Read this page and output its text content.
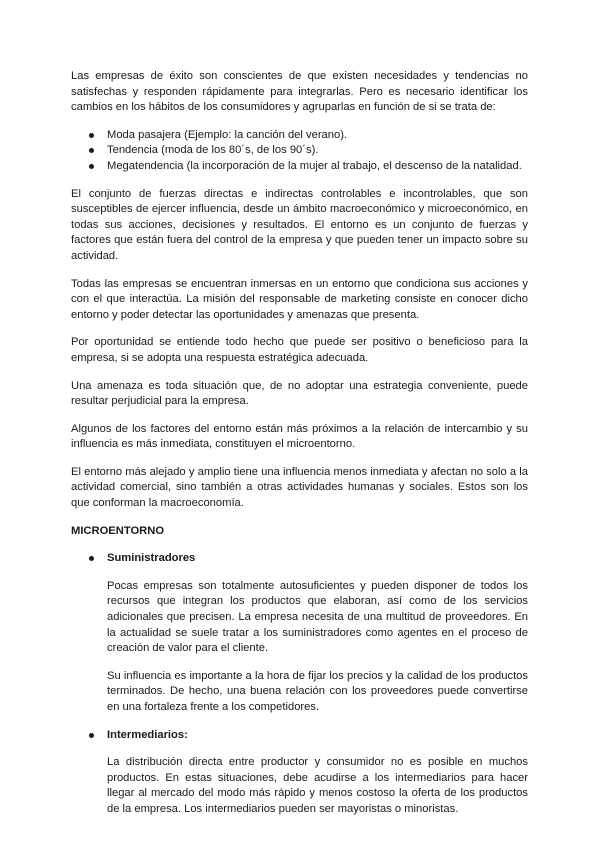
Las empresas de éxito son conscientes de que existen necesidades y tendencias no satisfechas y responden rápidamente para integrarlas. Pero es necesario identificar los cambios en los hábitos de los consumidores y agruparlas en función de si se trata de:

Moda pasajera (Ejemplo: la canción del verano).
Tendencia (moda de los 80´s, de los 90´s).
Megatendencia (la incorporación de la mujer al trabajo, el descenso de la natalidad.

El conjunto de fuerzas directas e indirectas controlables e incontrolables, que son susceptibles de ejercer influencia, desde un ámbito macroeconómico y microeconómico, en todas sus acciones, decisiones y resultados. El entorno es un conjunto de fuerzas y factores que están fuera del control de la empresa y que pueden tener un impacto sobre su actividad.

Todas las empresas se encuentran inmersas en un entorno que condiciona sus acciones y con el que interactúa. La misión del responsable de marketing consiste en conocer dicho entorno y poder detectar las oportunidades y amenazas que presenta.

Por oportunidad se entiende todo hecho que puede ser positivo o beneficioso para la empresa, si se adopta una respuesta estratégica adecuada.

Una amenaza es toda situación que, de no adoptar una estrategia conveniente, puede resultar perjudicial para la empresa.

Algunos de los factores del entorno están más próximos a la relación de intercambio y su influencia es más inmediata, constituyen el microentorno.

El entorno más alejado y amplio tiene una influencia menos inmediata y afectan no solo a la actividad comercial, sino también a otras actividades humanas y sociales. Estos son los que conforman la macroeconomía.

MICROENTORNO
Suministradores

Pocas empresas son totalmente autosuficientes y pueden disponer de todos los recursos que integran los productos que elaboran, así como de los servicios adicionales que precisen. La empresa necesita de una multitud de proveedores. En la actualidad se suele tratar a los suministradores como agentes en el proceso de creación de valor para el cliente.

Su influencia es importante a la hora de fijar los precios y la calidad de los productos terminados. De hecho, una buena relación con los proveedores puede convertirse en una fortaleza frente a los competidores.

Intermediarios:

La distribución directa entre productor y consumidor no es posible en muchos productos. En estas situaciones, debe acudirse a los intermediarios para hacer llegar al mercado del modo más rápido y menos costoso la oferta de los productos de la empresa. Los intermediarios pueden ser mayoristas o minoristas.
